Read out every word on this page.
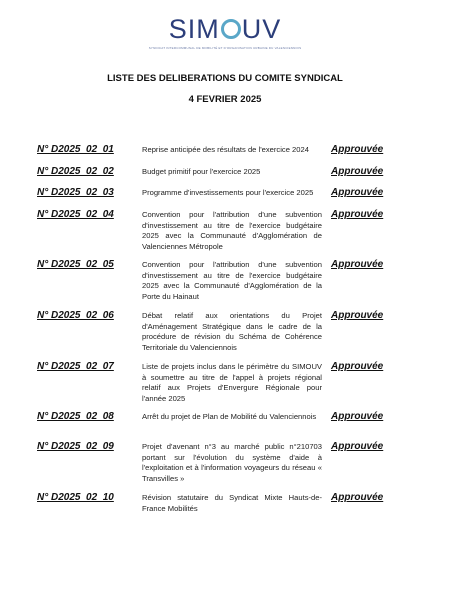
SIM UV
SYNDICAT INTERCOMMUNAL DE MOBILITÉ ET D'ORGANISATION URBAINE DU VALENCIENNOIS
LISTE DES DELIBERATIONS DU COMITE SYNDICAL
4 FEVRIER 2025
N° D2025_02_01	Reprise anticipée des résultats de l'exercice 2024	Approuvée
N° D2025_02_02	Budget primitif pour l'exercice 2025	Approuvée
N° D2025_02_03	Programme d'investissements pour l'exercice 2025	Approuvée
N° D2025_02_04	Convention pour l'attribution d'une subvention d'investissement au titre de l'exercice budgétaire 2025 avec la Communauté d'Agglomération de Valenciennes Métropole
Approuvée
N° D2025_02_05	Convention pour l'attribution d'une subvention d'investissement au titre de l'exercice budgétaire 2025 avec la Communauté d'Agglomération de la Porte du Hainaut
Approuvée
N° D2025_02_06	Débat relatif aux orientations du Projet d'Aménagement Stratégique dans le cadre de la procédure de révision du Schéma de Cohérence Territoriale du Valenciennois
Approuvée
N° D2025_02_07	Liste de projets inclus dans le périmètre du SIMOUV à soumettre au titre de l'appel à projets régional relatif aux Projets d'Envergure Régionale pour l'année 2025
Approuvée
N° D2025_02_08	Arrêt du projet de Plan de Mobilité du Valenciennois	Approuvée
N° D2025_02_09	Projet d'avenant n°3 au marché public n°210703 portant sur l'évolution du système d'aide à l'exploitation et à l'information voyageurs du réseau « Transvilles »
Approuvée
N° D2025_02_10	Révision statutaire du Syndicat Mixte Hauts-de-France Mobilités
Approuvée
